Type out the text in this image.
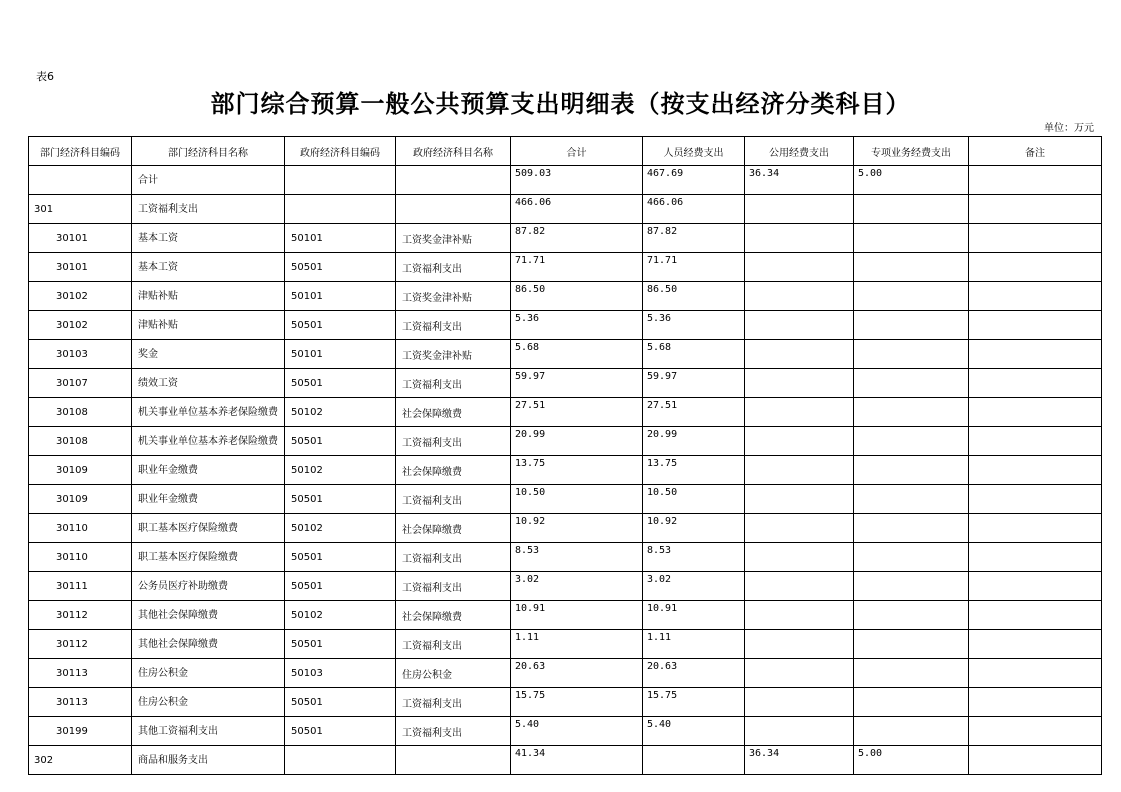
表6
部门综合预算一般公共预算支出明细表（按支出经济分类科目）
单位：万元
部门经济科目编码	部门经济科目名称	政府经济科目编码	政府经济科目名称	合计	人员经费支出	公用经费支出	专项业务经费支出	备注
	合计			509.03	467.69	36.34	5.00	
301	工资福利支出			466.06	466.06			
30101	基本工资	50101	工资奖金津补贴	87.82	87.82			
30101	基本工资	50501	工资福利支出	71.71	71.71			
30102	津贴补贴	50101	工资奖金津补贴	86.50	86.50			
30102	津贴补贴	50501	工资福利支出	5.36	5.36			
30103	奖金	50101	工资奖金津补贴	5.68	5.68			
30107	绩效工资	50501	工资福利支出	59.97	59.97			
30108	机关事业单位基本养老保险缴费	50102	社会保障缴费	27.51	27.51			
30108	机关事业单位基本养老保险缴费	50501	工资福利支出	20.99	20.99			
30109	职业年金缴费	50102	社会保障缴费	13.75	13.75			
30109	职业年金缴费	50501	工资福利支出	10.50	10.50			
30110	职工基本医疗保险缴费	50102	社会保障缴费	10.92	10.92			
30110	职工基本医疗保险缴费	50501	工资福利支出	8.53	8.53			
30111	公务员医疗补助缴费	50501	工资福利支出	3.02	3.02			
30112	其他社会保障缴费	50102	社会保障缴费	10.91	10.91			
30112	其他社会保障缴费	50501	工资福利支出	1.11	1.11			
30113	住房公积金	50103	住房公积金	20.63	20.63			
30113	住房公积金	50501	工资福利支出	15.75	15.75			
30199	其他工资福利支出	50501	工资福利支出	5.40	5.40			
302	商品和服务支出			41.34		36.34	5.00	
